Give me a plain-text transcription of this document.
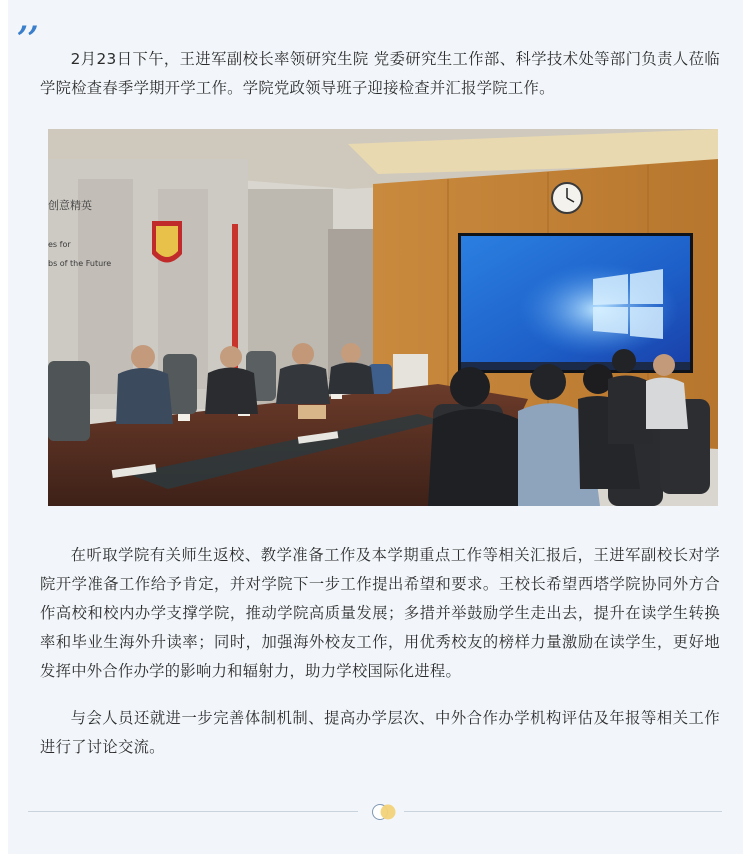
,,

2月23日下午，王进军副校长率领研究生院 党委研究生工作部、科学技术处等部门负责人莅临学院检查春季学期开学工作。学院党政领导班子迎接检查并汇报学院工作。

创意精英
es for
bs of the Future

在听取学院有关师生返校、教学准备工作及本学期重点工作等相关汇报后，王进军副校长对学院开学准备工作给予肯定，并对学院下一步工作提出希望和要求。王校长希望西塔学院协同外方合作高校和校内办学支撑学院，推动学院高质量发展；多措并举鼓励学生走出去，提升在读学生转换率和毕业生海外升读率；同时，加强海外校友工作，用优秀校友的榜样力量激励在读学生，更好地发挥中外合作办学的影响力和辐射力，助力学校国际化进程。

与会人员还就进一步完善体制机制、提高办学层次、中外合作办学机构评估及年报等相关工作进行了讨论交流。
